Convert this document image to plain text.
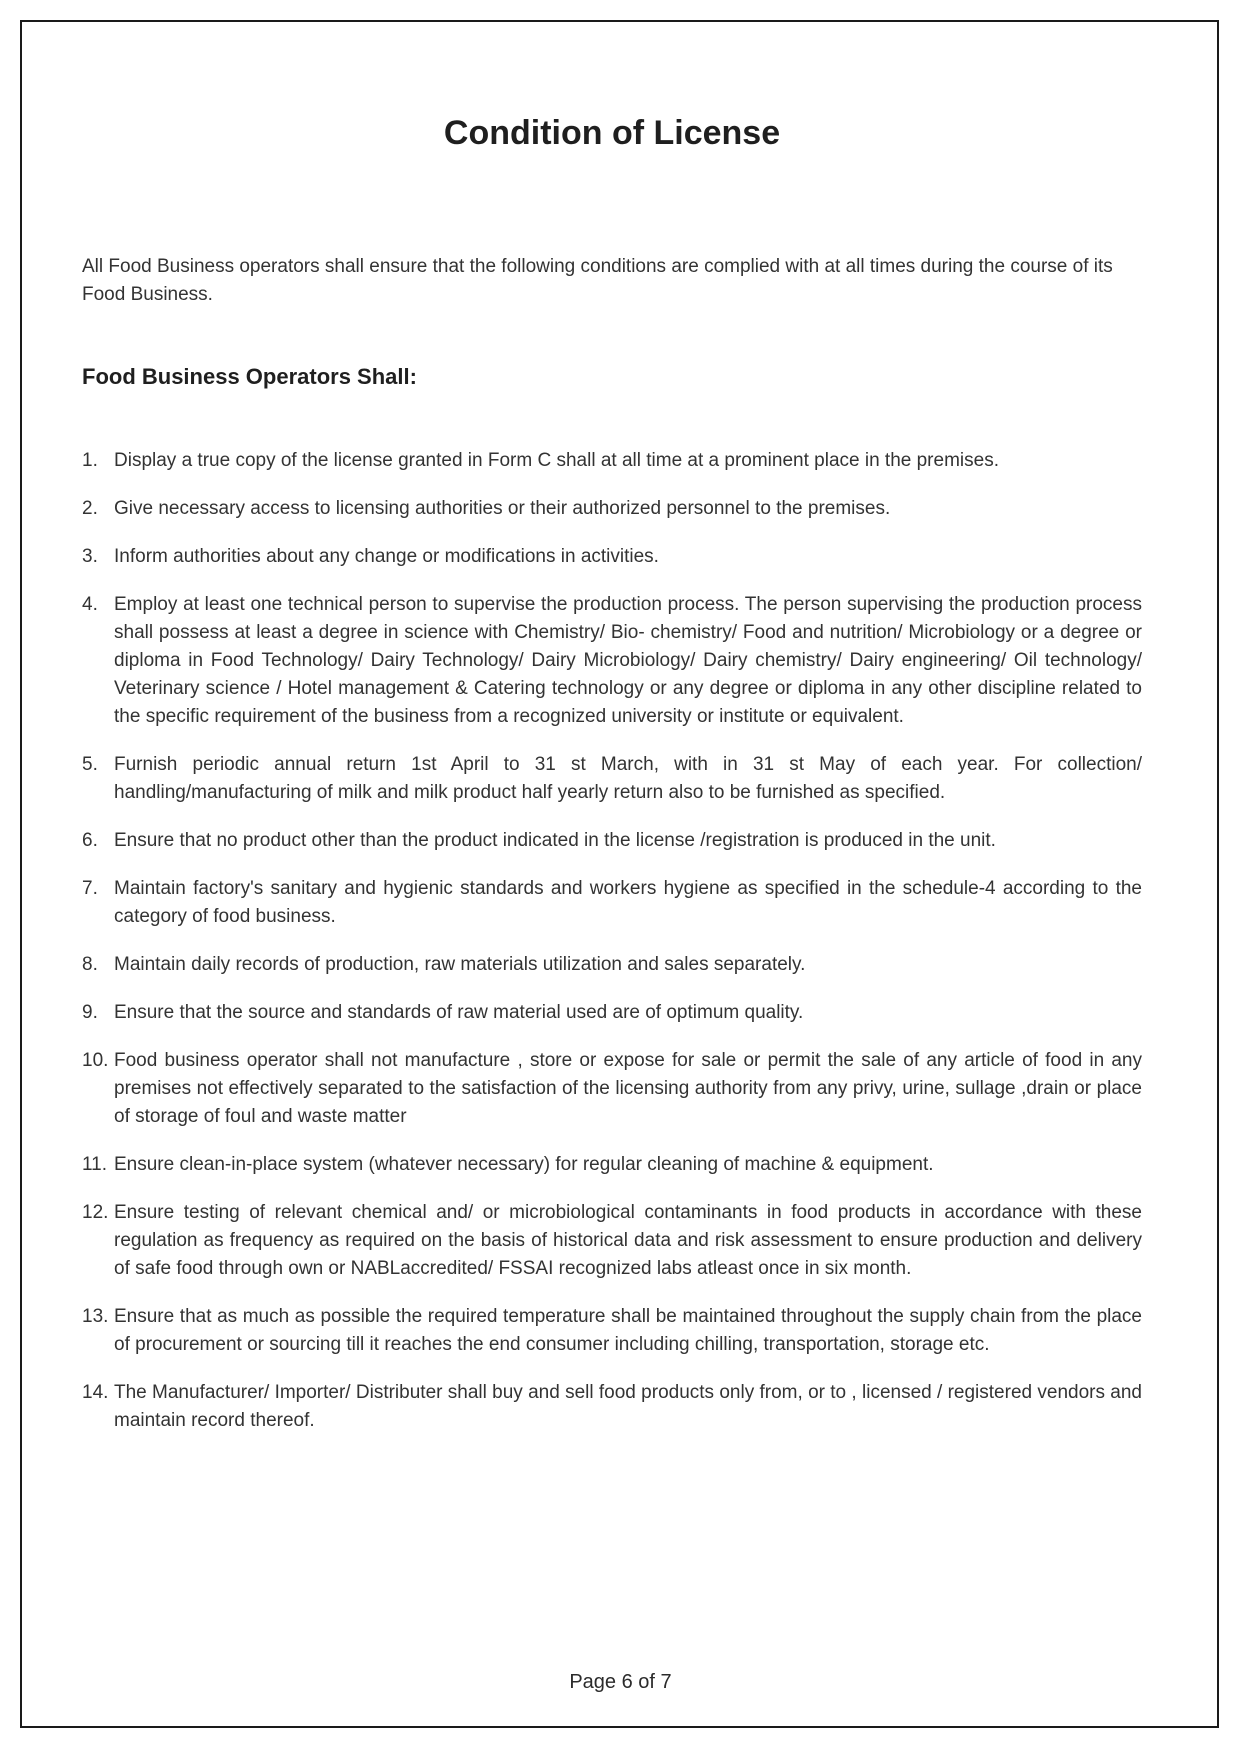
Condition of License

All Food Business operators shall ensure that the following conditions are complied with at all times during the course of its Food Business.

Food Business Operators Shall:
1. Display a true copy of the license granted in Form C shall at all time at a prominent place in the premises.
2. Give necessary access to licensing authorities or their authorized personnel to the premises.
3. Inform authorities about any change or modifications in activities.
4. Employ at least one technical person to supervise the production process. The person supervising the production process shall possess at least a degree in science with Chemistry/ Bio- chemistry/ Food and nutrition/ Microbiology or a degree or diploma in Food Technology/ Dairy Technology/ Dairy Microbiology/ Dairy chemistry/ Dairy engineering/ Oil technology/ Veterinary science / Hotel management & Catering technology or any degree or diploma in any other discipline related to the specific requirement of the business from a recognized university or institute or equivalent.
5. Furnish periodic annual return 1st April to 31 st March, with in 31 st May of each year. For collection/ handling/manufacturing of milk and milk product half yearly return also to be furnished as specified.
6. Ensure that no product other than the product indicated in the license /registration is produced in the unit.
7. Maintain factory's sanitary and hygienic standards and workers hygiene as specified in the schedule-4 according to the category of food business.
8. Maintain daily records of production, raw materials utilization and sales separately.
9. Ensure that the source and standards of raw material used are of optimum quality.
10. Food business operator shall not manufacture , store or expose for sale or permit the sale of any article of food in any premises not effectively separated to the satisfaction of the licensing authority from any privy, urine, sullage ,drain or place of storage of foul and waste matter
11. Ensure clean-in-place system (whatever necessary) for regular cleaning of machine & equipment.
12. Ensure testing of relevant chemical and/ or microbiological contaminants in food products in accordance with these regulation as frequency as required on the basis of historical data and risk assessment to ensure production and delivery of safe food through own or NABLaccredited/ FSSAI recognized labs atleast once in six month.
13. Ensure that as much as possible the required temperature shall be maintained throughout the supply chain from the place of procurement or sourcing till it reaches the end consumer including chilling, transportation, storage etc.
14. The Manufacturer/ Importer/ Distributer shall buy and sell food products only from, or to , licensed / registered vendors and maintain record thereof.
Page 6 of 7
